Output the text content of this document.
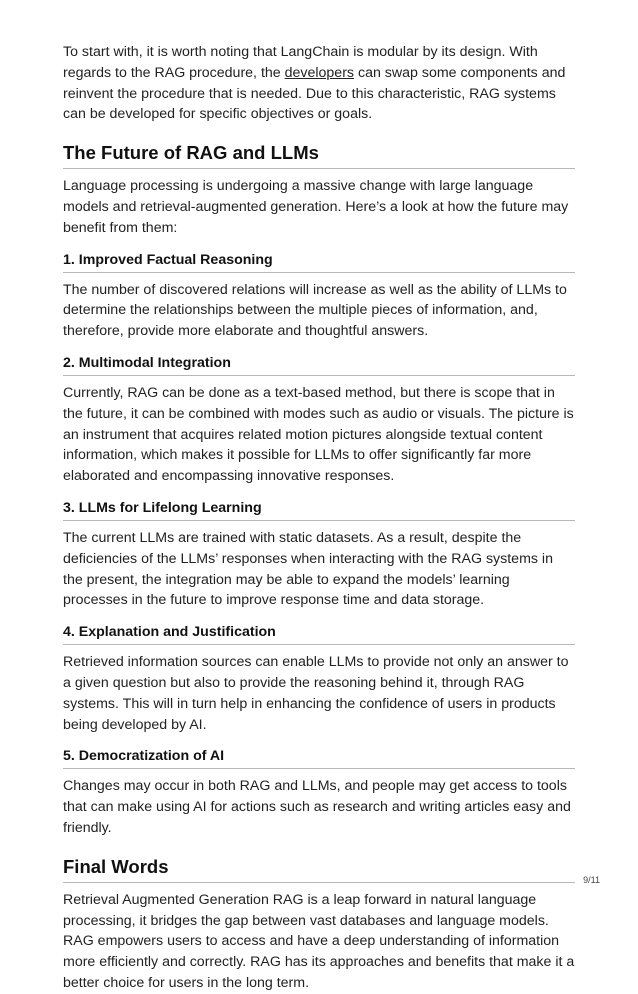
To start with, it is worth noting that LangChain is modular by its design. With regards to the RAG procedure, the developers can swap some components and reinvent the procedure that is needed. Due to this characteristic, RAG systems can be developed for specific objectives or goals.

The Future of RAG and LLMs

Language processing is undergoing a massive change with large language models and retrieval-augmented generation. Here’s a look at how the future may benefit from them:

1. Improved Factual Reasoning

The number of discovered relations will increase as well as the ability of LLMs to determine the relationships between the multiple pieces of information, and, therefore, provide more elaborate and thoughtful answers.

2. Multimodal Integration

Currently, RAG can be done as a text-based method, but there is scope that in the future, it can be combined with modes such as audio or visuals. The picture is an instrument that acquires related motion pictures alongside textual content information, which makes it possible for LLMs to offer significantly far more elaborated and encompassing innovative responses.

3. LLMs for Lifelong Learning

The current LLMs are trained with static datasets. As a result, despite the deficiencies of the LLMs’ responses when interacting with the RAG systems in the present, the integration may be able to expand the models’ learning processes in the future to improve response time and data storage.

4. Explanation and Justification

Retrieved information sources can enable LLMs to provide not only an answer to a given question but also to provide the reasoning behind it, through RAG systems. This will in turn help in enhancing the confidence of users in products being developed by AI.

5. Democratization of AI

Changes may occur in both RAG and LLMs, and people may get access to tools that can make using AI for actions such as research and writing articles easy and friendly.

Final Words

Retrieval Augmented Generation RAG is a leap forward in natural language processing, it bridges the gap between vast databases and language models. RAG empowers users to access and have a deep understanding of information more efficiently and correctly. RAG has its approaches and benefits that make it a better choice for users in the long term.

9/11
